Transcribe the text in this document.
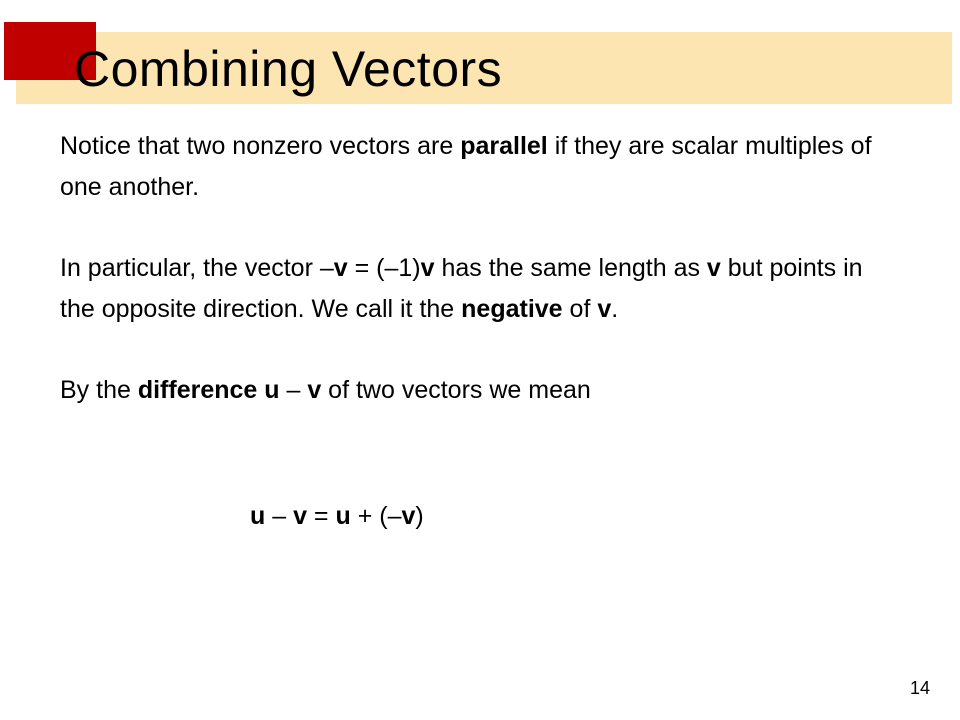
Combining Vectors

Notice that two nonzero vectors are parallel if they are scalar multiples of one another.

In particular, the vector –v = (–1)v has the same length as v but points in the opposite direction. We call it the negative of v.

By the difference u – v of two vectors we mean

u – v = u + (–v)
14
